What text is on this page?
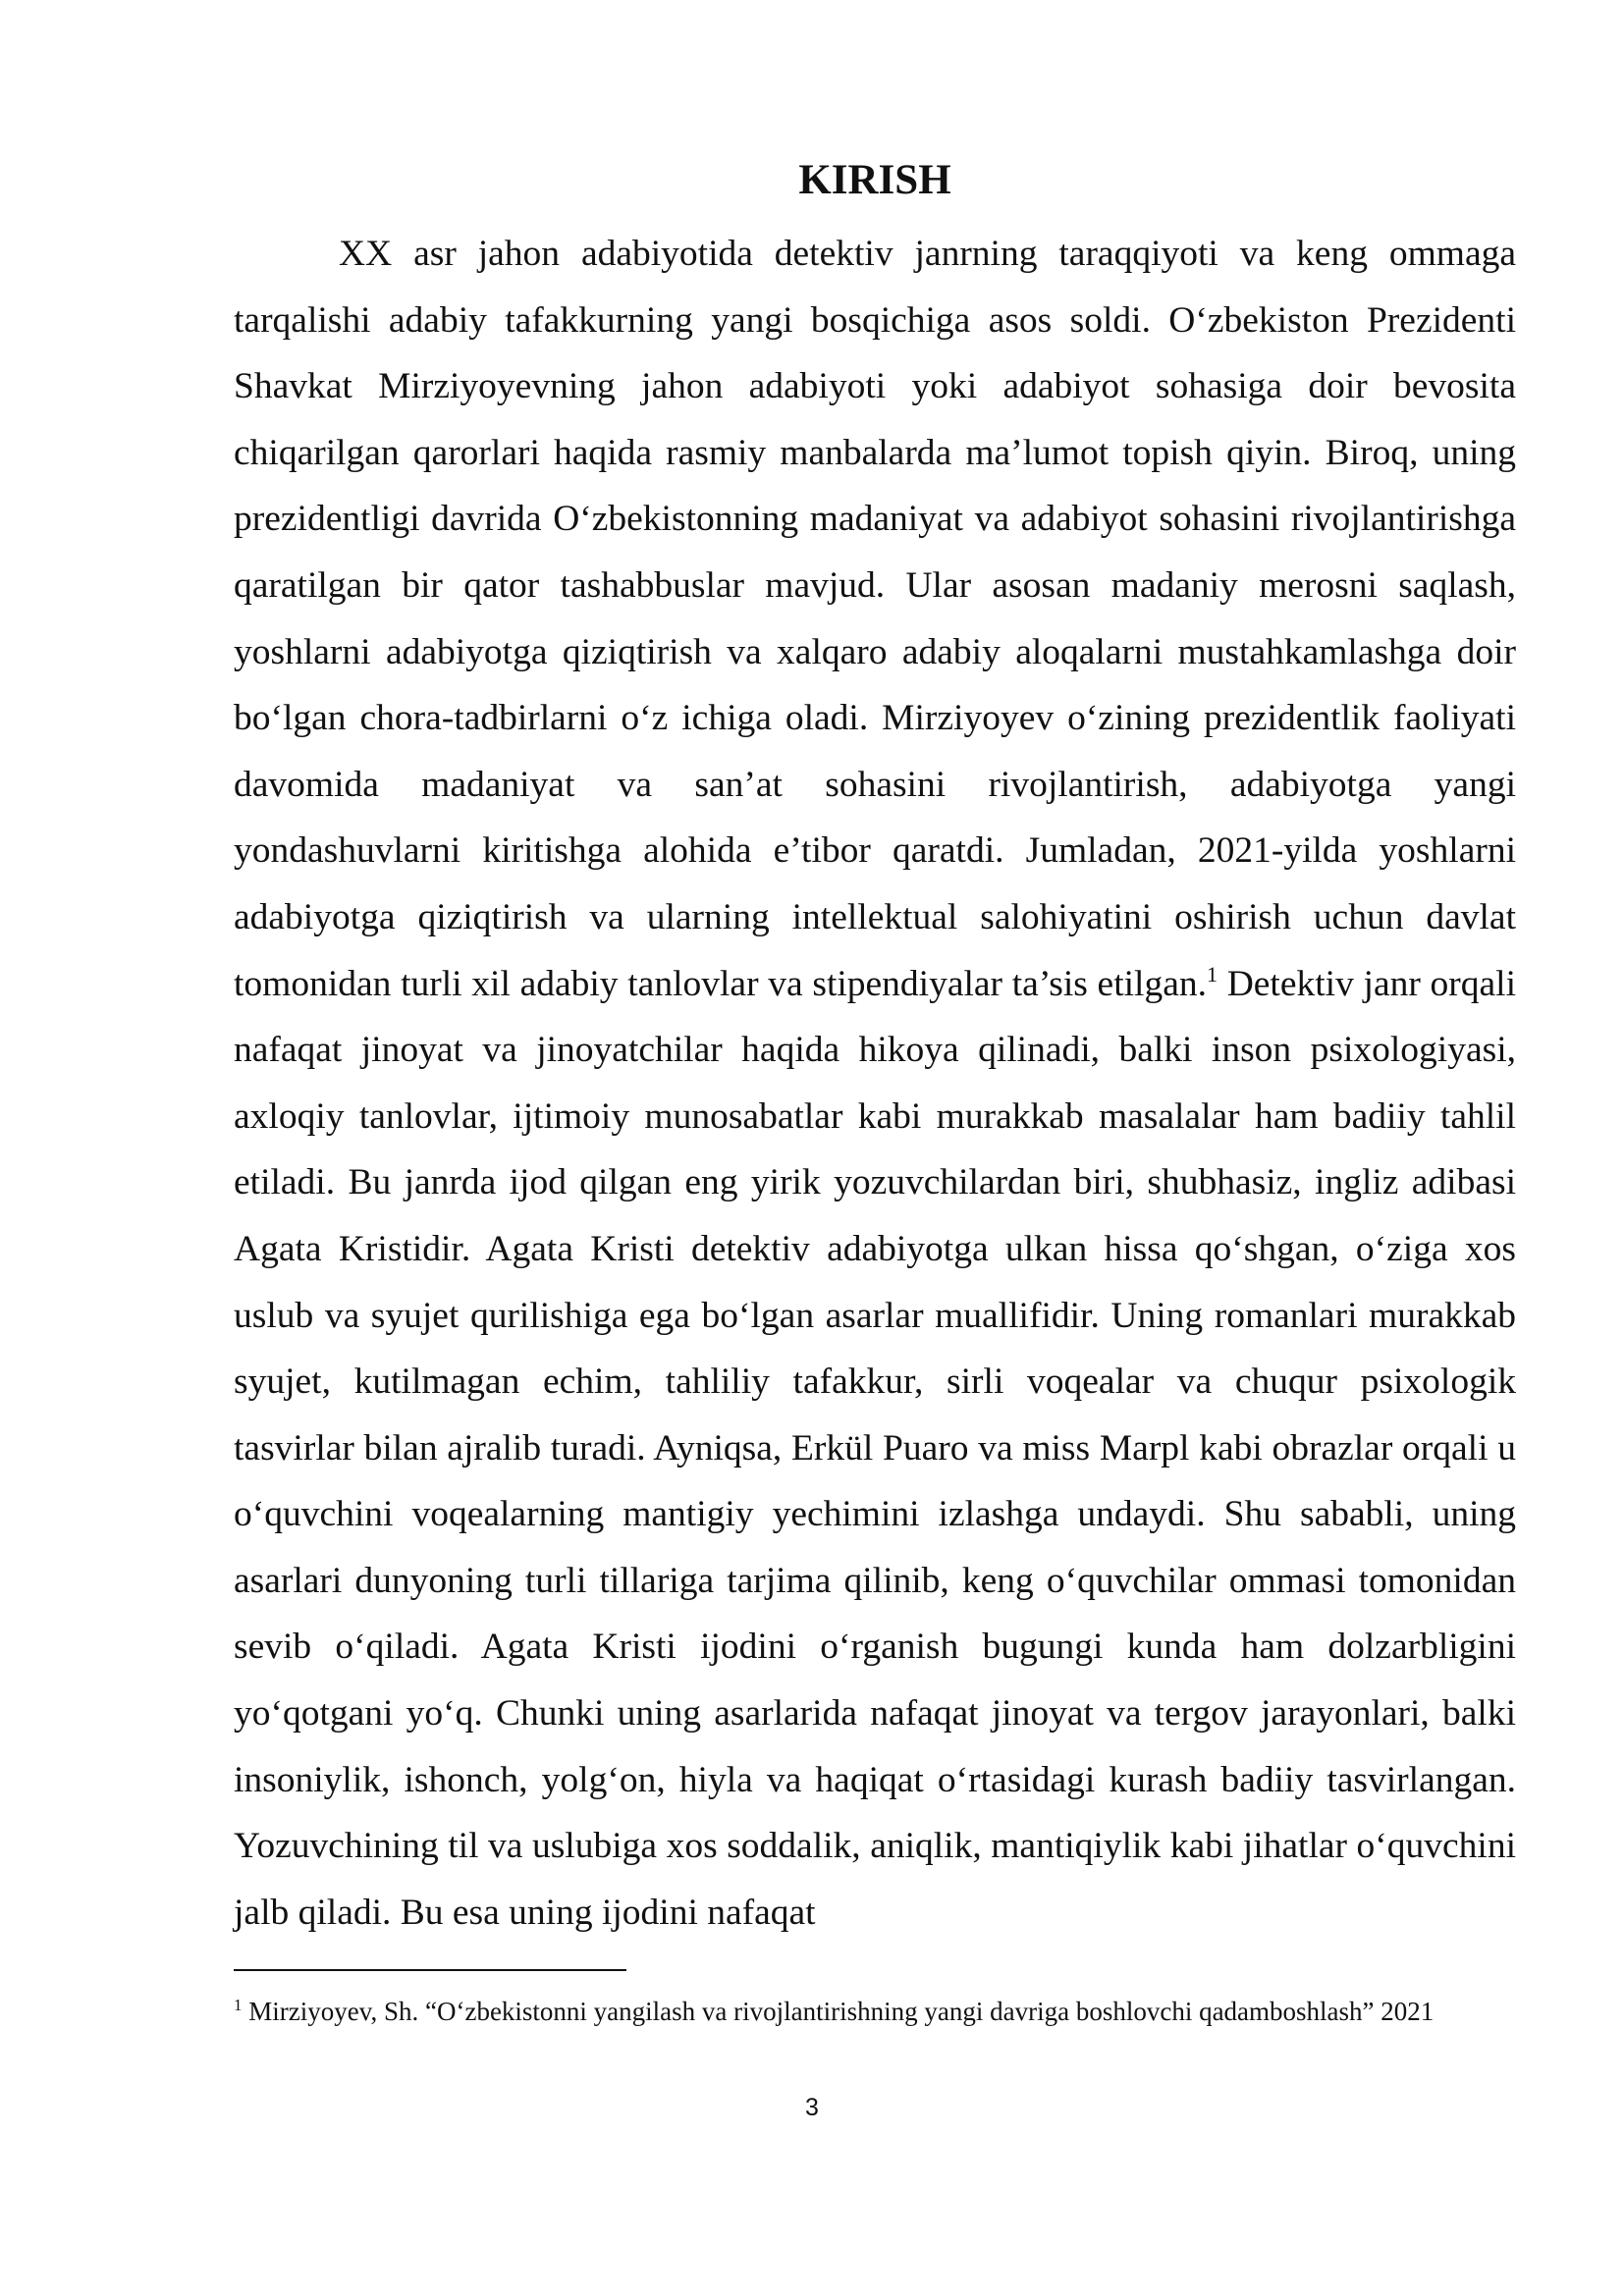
KIRISH

XX asr jahon adabiyotida detektiv janrning taraqqiyoti va keng ommaga tarqalishi adabiy tafakkurning yangi bosqichiga asos soldi. O‘zbekiston Prezidenti Shavkat Mirziyoyevning jahon adabiyoti yoki adabiyot sohasiga doir bevosita chiqarilgan qarorlari haqida rasmiy manbalarda ma’lumot topish qiyin. Biroq, uning prezidentligi davrida O‘zbekistonning madaniyat va adabiyot sohasini rivojlantirishga qaratilgan bir qator tashabbuslar mavjud. Ular asosan madaniy merosni saqlash, yoshlarni adabiyotga qiziqtirish va xalqaro adabiy aloqalarni mustahkamlashga doir bo‘lgan chora-tadbirlarni o‘z ichiga oladi. Mirziyoyev o‘zining prezidentlik faoliyati davomida madaniyat va san’at sohasini rivojlantirish, adabiyotga yangi yondashuvlarni kiritishga alohida e’tibor qaratdi. Jumladan, 2021-yilda yoshlarni adabiyotga qiziqtirish va ularning intellektual salohiyatini oshirish uchun davlat tomonidan turli xil adabiy tanlovlar va stipendiyalar ta’sis etilgan.$^1$ Detektiv janr orqali nafaqat jinoyat va jinoyatchilar haqida hikoya qilinadi, balki inson psixologiyasi, axloqiy tanlovlar, ijtimoiy munosabatlar kabi murakkab masalalar ham badiiy tahlil etiladi. Bu janrda ijod qilgan eng yirik yozuvchilardan biri, shubhasiz, ingliz adibasi Agata Kristidir. Agata Kristi detektiv adabiyotga ulkan hissa qo‘shgan, o‘ziga xos uslub va syujet qurilishiga ega bo‘lgan asarlar muallifidir. Uning romanlari murakkab syujet, kutilmagan echim, tahliliy tafakkur, sirli voqealar va chuqur psixologik tasvirlar bilan ajralib turadi. Ayniqsa, Erkül Puaro va miss Marpl kabi obrazlar orqali u o‘quvchini voqealarning mantigiy yechimini izlashga undaydi. Shu sababli, uning asarlari dunyoning turli tillariga tarjima qilinib, keng o‘quvchilar ommasi tomonidan sevib o‘qiladi. Agata Kristi ijodini o‘rganish bugungi kunda ham dolzarbligini yo‘qotgani yo‘q. Chunki uning asarlarida nafaqat jinoyat va tergov jarayonlari, balki insoniylik, ishonch, yolg‘on, hiyla va haqiqat o‘rtasidagi kurash badiiy tasvirlangan. Yozuvchining til va uslubiga xos soddalik, aniqlik, mantiqiylik kabi jihatlar o‘quvchini jalb qiladi. Bu esa uning ijodini nafaqat

$^1$ Mirziyoyev, Sh. “O‘zbekistonni yangilash va rivojlantirishning yangi davriga boshlovchi qadamboshlash” 2021

3
